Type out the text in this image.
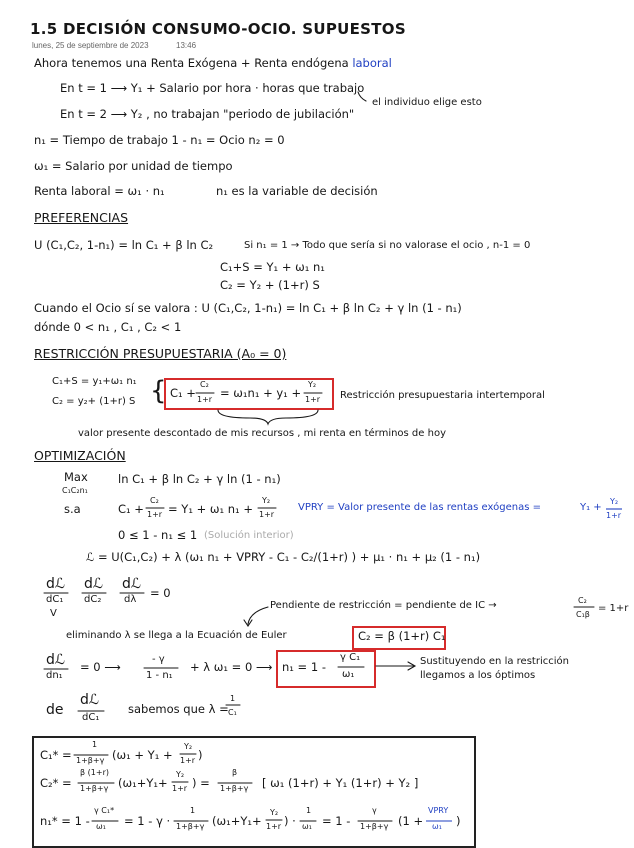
1.5 DECISIÓN CONSUMO-OCIO. SUPUESTOS
lunes, 25 de septiembre de 2023	13:46
Ahora tenemos una Renta Exógena + Renta endógena laboral
En t = 1 ⟶ Y₁ + Salario por hora · horas que trabajo
el individuo elige esto
En t = 2 ⟶ Y₂ , no trabajan "periodo de jubilación"
n₁ = Tiempo de trabajo 1 - n₁ = Ocio n₂ = 0
ω₁ = Salario por unidad de tiempo
Renta laboral = ω₁ · n₁	n₁ es la variable de decisión
PREFERENCIAS
U (C₁,C₂, 1-n₁) = ln C₁ + β ln C₂	Si n₁ = 1 → Todo que sería si no valorase el ocio , n-1 = 0
C₁+S = Y₁ + ω₁ n₁
C₂ = Y₂ + (1+r) S
Cuando el Ocio sí se valora : U (C₁,C₂, 1-n₁) = ln C₁ + β ln C₂ + γ ln (1 - n₁)
dónde 0 < n₁ , C₁ , C₂ < 1
RESTRICCIÓN PRESUPUESTARIA (A₀ = 0)
C₁+S = y₁+ω₁ n₁
C₂ = y₂+ (1+r) S { C₁ +
C₂
1+r = ω₁n₁ + y₁ +
Y₂
1+r Restricción presupuestaria intertemporal
valor presente descontado de mis recursos , mi renta en términos de hoy
OPTIMIZACIÓN
Max
C₁C₂n₁
ln C₁ + β ln C₂ + γ ln (1 - n₁)
s.a	C₁ +
C₂
1+r = Y₁ + ω₁ n₁ +
Y₂
1+r
VPRY = Valor presente de las rentas exógenas =	Y₁ +
Y₂
1+r
0 ≤ 1 - n₁ ≤ 1 (Solución interior)
ℒ = U(C₁,C₂) + λ (ω₁ n₁ + VPRY - C₁ - C₂/(1+r) ) + μ₁ · n₁ + μ₂ (1 - n₁)
dℒ
dC₁
dℒ
dC₂
dℒ
dλ = 0
V
Pendiente de restricción = pendiente de IC →	C₂
C₁β
= 1+r
eliminando λ se llega a la Ecuación de Euler	C₂ = β (1+r) C₁
dℒ
dn₁
= 0 ⟶
- γ
1 - n₁
+ λ ω₁ = 0 ⟶ n₁ = 1 -
γ C₁
ω₁
Sustituyendo en la restricción
llegamos a los óptimos
de
dℒ
dC₁
sabemos que λ =
1
C₁
C₁* =
1
1+β+γ (ω₁ + Y₁ +
Y₂
1+r )
C₂* =
β (1+r)
1+β+γ (ω₁+Y₁+
Y₂
1+r ) =
β
1+β+γ [ ω₁ (1+r) + Y₁ (1+r) + Y₂ ]
n₁* = 1 -
γ C₁*
ω₁ = 1 - γ ·
1
1+β+γ (ω₁+Y₁+
Y₂
1+r ) ·
1
ω₁ = 1 -
γ
1+β+γ (1 +
VPRY
ω₁ )
